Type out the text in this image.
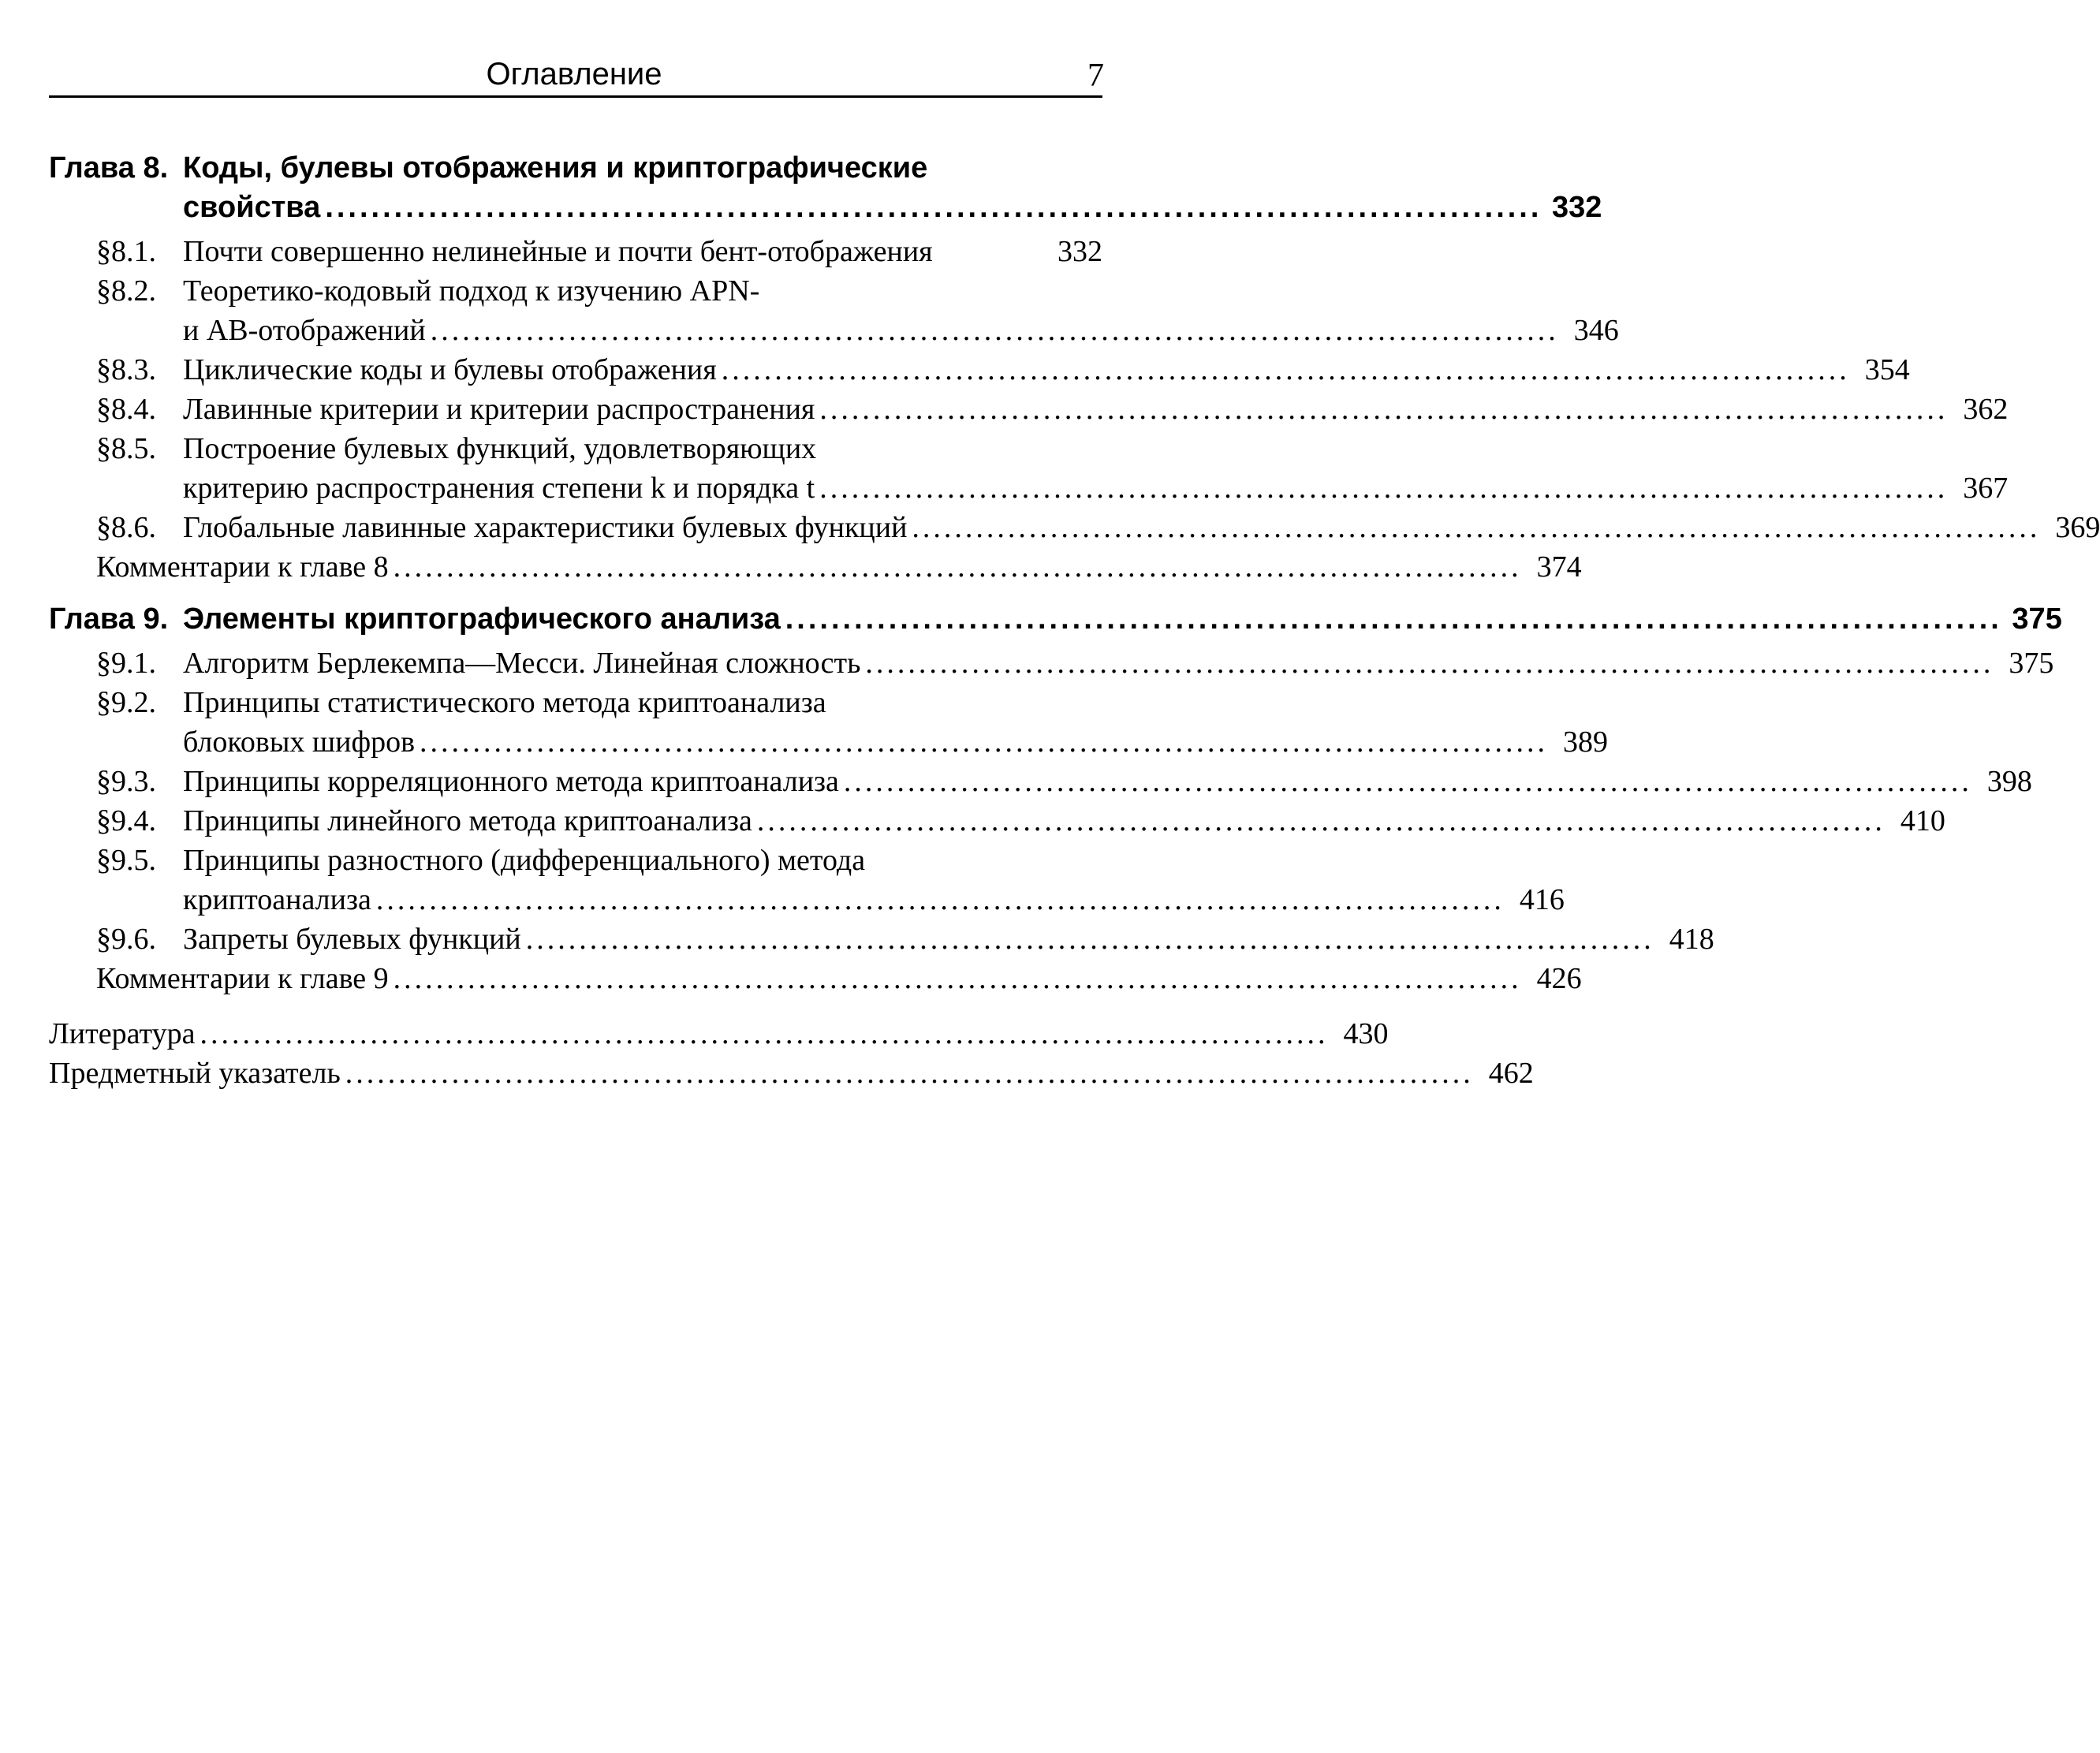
Оглавление	7
Глава 8. Коды, булевы отображения и криптографические
свойства .......................................................................................................... 332
§8.1. Почти совершенно нелинейные и почти бент-отображения	332
§8.2. Теоретико-кодовый подход к изучению APN-
и AB-отображений .......................................................................................................... 346
§8.3. Циклические коды и булевы отображения .......................................................................................................... 354
§8.4. Лавинные критерии и критерии распространения .......................................................................................................... 362
§8.5. Построение булевых функций, удовлетворяющих
критерию распространения степени k и порядка t .......................................................................................................... 367
§8.6. Глобальные лавинные характеристики булевых функций .......................................................................................................... 369
Комментарии к главе 8 .......................................................................................................... 374
Глава 9. Элементы криптографического анализа .......................................................................................................... 375
§9.1. Алгоритм Берлекемпа—Месси. Линейная сложность .......................................................................................................... 375
§9.2. Принципы статистического метода криптоанализа
блоковых шифров .......................................................................................................... 389
§9.3. Принципы корреляционного метода криптоанализа .......................................................................................................... 398
§9.4. Принципы линейного метода криптоанализа .......................................................................................................... 410
§9.5. Принципы разностного (дифференциального) метода
криптоанализа .......................................................................................................... 416
§9.6. Запреты булевых функций .......................................................................................................... 418
Комментарии к главе 9 .......................................................................................................... 426
Литература .......................................................................................................... 430
Предметный указатель .......................................................................................................... 462
